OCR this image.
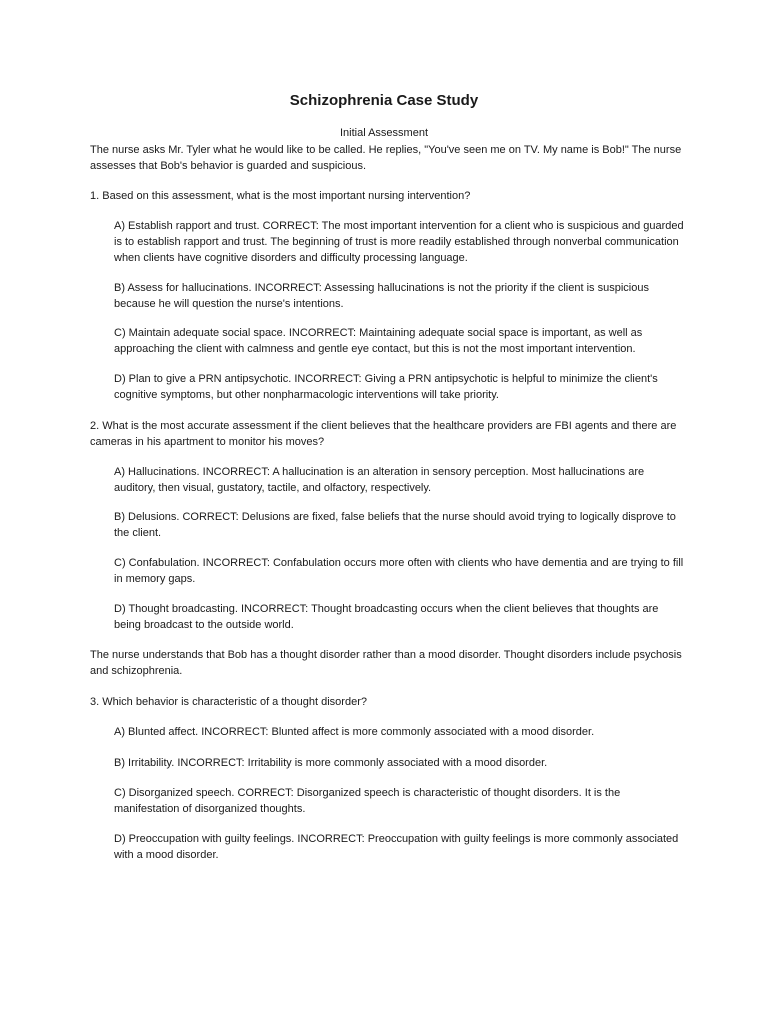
Schizophrenia Case Study
Initial Assessment

The nurse asks Mr. Tyler what he would like to be called. He replies, "You've seen me on TV. My name is Bob!" The nurse assesses that Bob's behavior is guarded and suspicious.

1. Based on this assessment, what is the most important nursing intervention?

A) Establish rapport and trust. CORRECT: The most important intervention for a client who is suspicious and guarded is to establish rapport and trust. The beginning of trust is more readily established through nonverbal communication when clients have cognitive disorders and difficulty processing language.

B) Assess for hallucinations. INCORRECT: Assessing hallucinations is not the priority if the client is suspicious because he will question the nurse's intentions.

C) Maintain adequate social space. INCORRECT: Maintaining adequate social space is important, as well as approaching the client with calmness and gentle eye contact, but this is not the most important intervention.

D) Plan to give a PRN antipsychotic. INCORRECT: Giving a PRN antipsychotic is helpful to minimize the client's cognitive symptoms, but other nonpharmacologic interventions will take priority.

2. What is the most accurate assessment if the client believes that the healthcare providers are FBI agents and there are cameras in his apartment to monitor his moves?

A) Hallucinations. INCORRECT: A hallucination is an alteration in sensory perception. Most hallucinations are auditory, then visual, gustatory, tactile, and olfactory, respectively.

B) Delusions. CORRECT: Delusions are fixed, false beliefs that the nurse should avoid trying to logically disprove to the client.

C) Confabulation. INCORRECT: Confabulation occurs more often with clients who have dementia and are trying to fill in memory gaps.

D) Thought broadcasting. INCORRECT: Thought broadcasting occurs when the client believes that thoughts are being broadcast to the outside world.

The nurse understands that Bob has a thought disorder rather than a mood disorder. Thought disorders include psychosis and schizophrenia.

3. Which behavior is characteristic of a thought disorder?

A) Blunted affect. INCORRECT: Blunted affect is more commonly associated with a mood disorder.

B) Irritability. INCORRECT: Irritability is more commonly associated with a mood disorder.

C) Disorganized speech. CORRECT: Disorganized speech is characteristic of thought disorders. It is the manifestation of disorganized thoughts.

D) Preoccupation with guilty feelings. INCORRECT: Preoccupation with guilty feelings is more commonly associated with a mood disorder.
